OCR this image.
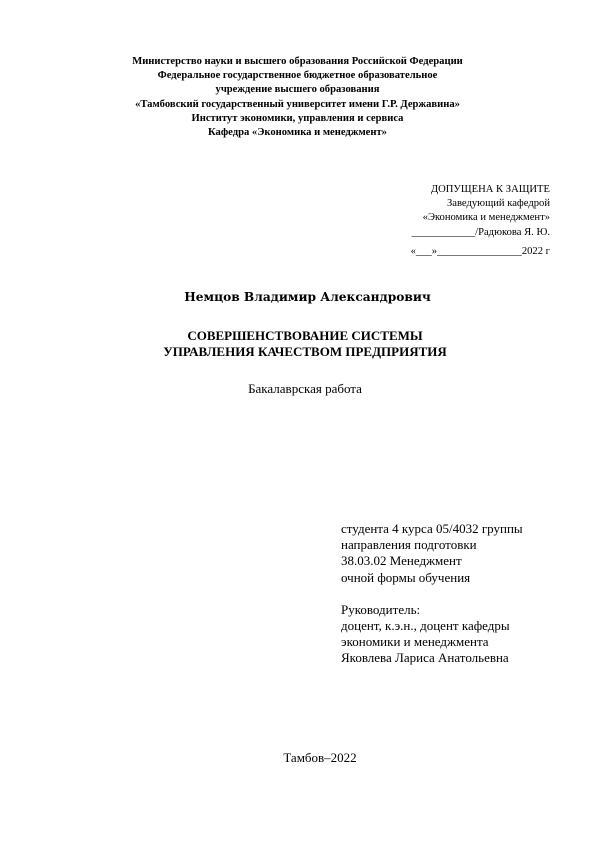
Министерство науки и высшего образования Российской Федерации
Федеральное государственное бюджетное образовательное
учреждение высшего образования
«Тамбовский государственный университет имени Г.Р. Державина»
Институт экономики, управления и сервиса
Кафедра «Экономика и менеджмент»
ДОПУЩЕНА К ЗАЩИТЕ
Заведующий кафедрой
«Экономика и менеджмент»
____________/Радюкова Я. Ю.
«___»________________2022 г
Немцов Владимир Александрович
СОВЕРШЕНСТВОВАНИЕ СИСТЕМЫ
УПРАВЛЕНИЯ КАЧЕСТВОМ ПРЕДПРИЯТИЯ
Бакалаврская работа
студента 4 курса 05/4032 группы
направления подготовки
38.03.02 Менеджмент
очной формы обучения
Руководитель:
доцент, к.э.н., доцент кафедры
экономики и менеджмента
Яковлева Лариса Анатольевна
Тамбов–2022
